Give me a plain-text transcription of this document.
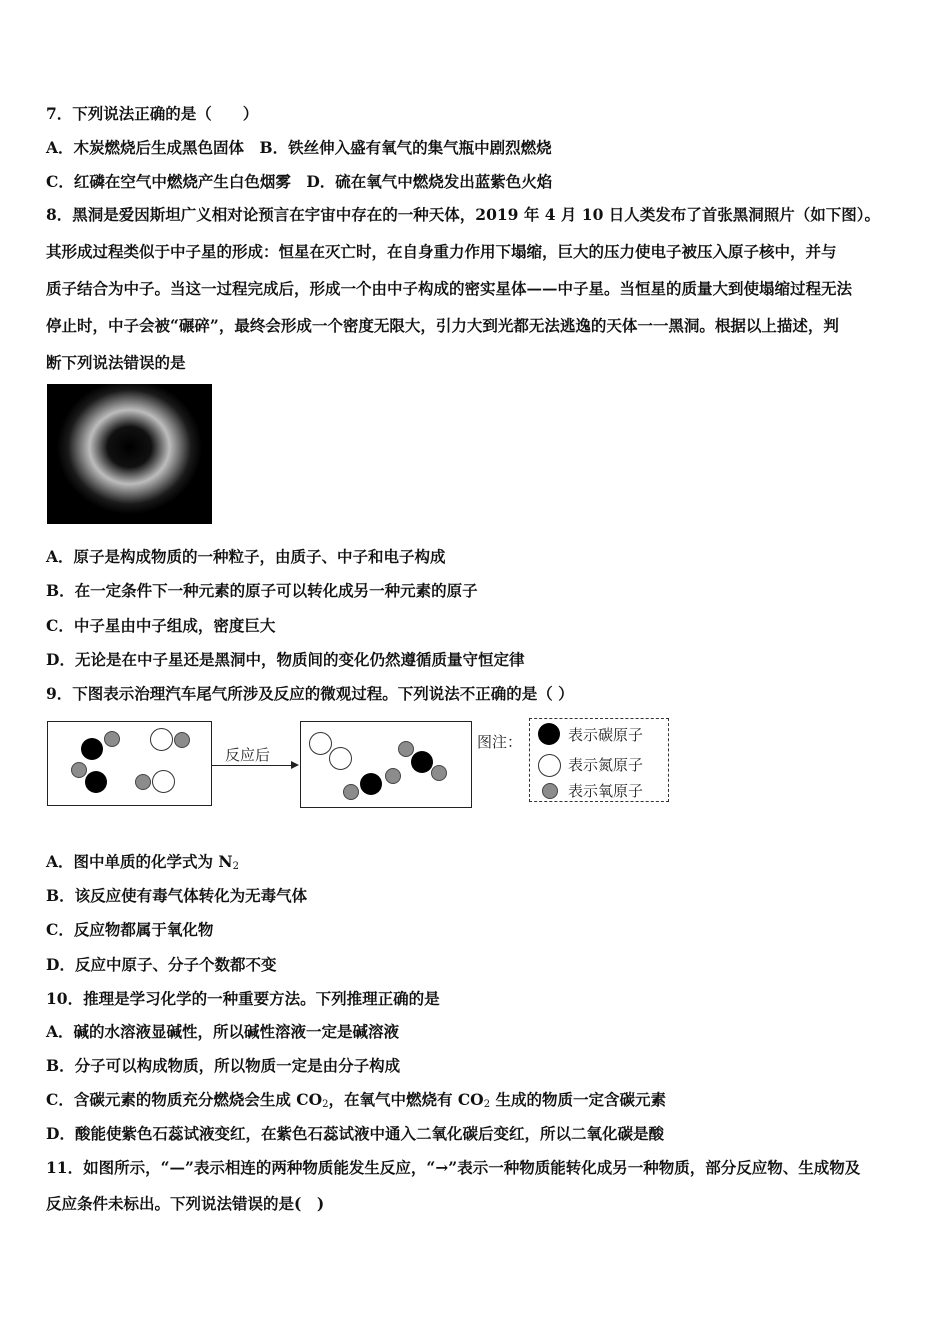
7．下列说法正确的是（　　）
A．木炭燃烧后生成黑色固体　B．铁丝伸入盛有氧气的集气瓶中剧烈燃烧
C．红磷在空气中燃烧产生白色烟雾　D．硫在氧气中燃烧发出蓝紫色火焰
8．黑洞是爱因斯坦广义相对论预言在宇宙中存在的一种天体，2019 年 4 月 10 日人类发布了首张黑洞照片（如下图）。
其形成过程类似于中子星的形成：恒星在灭亡时，在自身重力作用下塌缩，巨大的压力使电子被压入原子核中，并与
质子结合为中子。当这一过程完成后，形成一个由中子构成的密实星体——中子星。当恒星的质量大到使塌缩过程无法
停止时，中子会被“碾碎”，最终会形成一个密度无限大，引力大到光都无法逃逸的天体一一黑洞。根据以上描述，判
断下列说法错误的是
A．原子是构成物质的一种粒子，由质子、中子和电子构成
B．在一定条件下一种元素的原子可以转化成另一种元素的原子
C．中子星由中子组成，密度巨大
D．无论是在中子星还是黑洞中，物质间的变化仍然遵循质量守恒定律
9．下图表示治理汽车尾气所涉及反应的微观过程。下列说法不正确的是（ ）
反应后
图注：	表示碳原子
表示氮原子
表示氧原子
A．图中单质的化学式为 $N_2$
B．该反应使有毒气体转化为无毒气体
C．反应物都属于氧化物
D．反应中原子、分子个数都不变
10．推理是学习化学的一种重要方法。下列推理正确的是
A．碱的水溶液显碱性，所以碱性溶液一定是碱溶液
B．分子可以构成物质，所以物质一定是由分子构成
C．含碳元素的物质充分燃烧会生成 $CO_2$，在氧气中燃烧有 $CO_2$ 生成的物质一定含碳元素
D．酸能使紫色石蕊试液变红，在紫色石蕊试液中通入二氧化碳后变红，所以二氧化碳是酸
11．如图所示，“—”表示相连的两种物质能发生反应，“→”表示一种物质能转化成另一种物质，部分反应物、生成物及
反应条件未标出。下列说法错误的是(　)
